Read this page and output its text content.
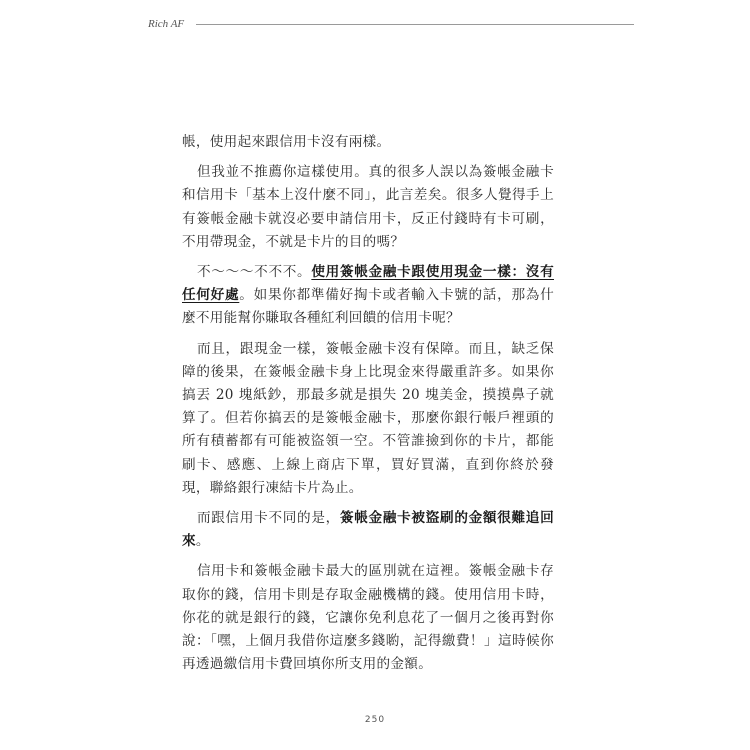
Rich AF

帳，使用起來跟信用卡沒有兩樣。

但我並不推薦你這樣使用。真的很多人誤以為簽帳金融卡和信用卡「基本上沒什麼不同」，此言差矣。很多人覺得手上有簽帳金融卡就沒必要申請信用卡，反正付錢時有卡可刷，不用帶現金，不就是卡片的目的嗎？

不～～～不不不。使用簽帳金融卡跟使用現金一樣：沒有任何好處。如果你都準備好掏卡或者輸入卡號的話，那為什麼不用能幫你賺取各種紅利回饋的信用卡呢？

而且，跟現金一樣，簽帳金融卡沒有保障。而且，缺乏保障的後果，在簽帳金融卡身上比現金來得嚴重許多。如果你搞丟 20 塊紙鈔，那最多就是損失 20 塊美金，摸摸鼻子就算了。但若你搞丟的是簽帳金融卡，那麼你銀行帳戶裡頭的所有積蓄都有可能被盜領一空。不管誰撿到你的卡片，都能刷卡、感應、上線上商店下單，買好買滿，直到你終於發現，聯絡銀行凍結卡片為止。

而跟信用卡不同的是，簽帳金融卡被盜刷的金額很難追回來。

信用卡和簽帳金融卡最大的區別就在這裡。簽帳金融卡存取你的錢，信用卡則是存取金融機構的錢。使用信用卡時，你花的就是銀行的錢，它讓你免利息花了一個月之後再對你說：「嘿，上個月我借你這麼多錢喲，記得繳費！」這時候你再透過繳信用卡費回填你所支用的金額。

250
